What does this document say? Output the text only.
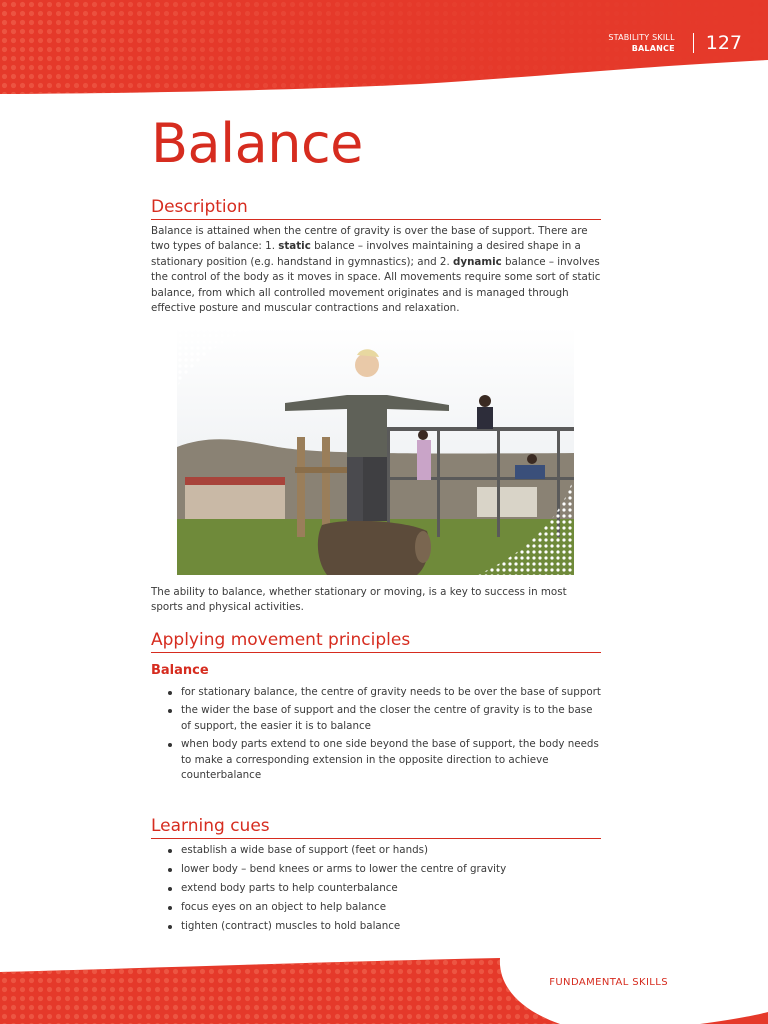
STABILITY SKILL
BALANCE 127
Balance
Description
Balance is attained when the centre of gravity is over the base of support. There are two types of balance: 1. static balance – involves maintaining a desired shape in a stationary position (e.g. handstand in gymnastics); and 2. dynamic balance – involves the control of the body as it moves in space. All movements require some sort of static balance, from which all controlled movement originates and is managed through effective posture and muscular contractions and relaxation.
The ability to balance, whether stationary or moving, is a key to success in most sports and physical activities.
Applying movement principles
Balance
for stationary balance, the centre of gravity needs to be over the base of support
the wider the base of support and the closer the centre of gravity is to the base of support, the easier it is to balance
when body parts extend to one side beyond the base of support, the body needs to make a corresponding extension in the opposite direction to achieve counterbalance
Learning cues
establish a wide base of support (feet or hands)
lower body – bend knees or arms to lower the centre of gravity
extend body parts to help counterbalance
focus eyes on an object to help balance
tighten (contract) muscles to hold balance
FUNDAMENTAL SKILLS
